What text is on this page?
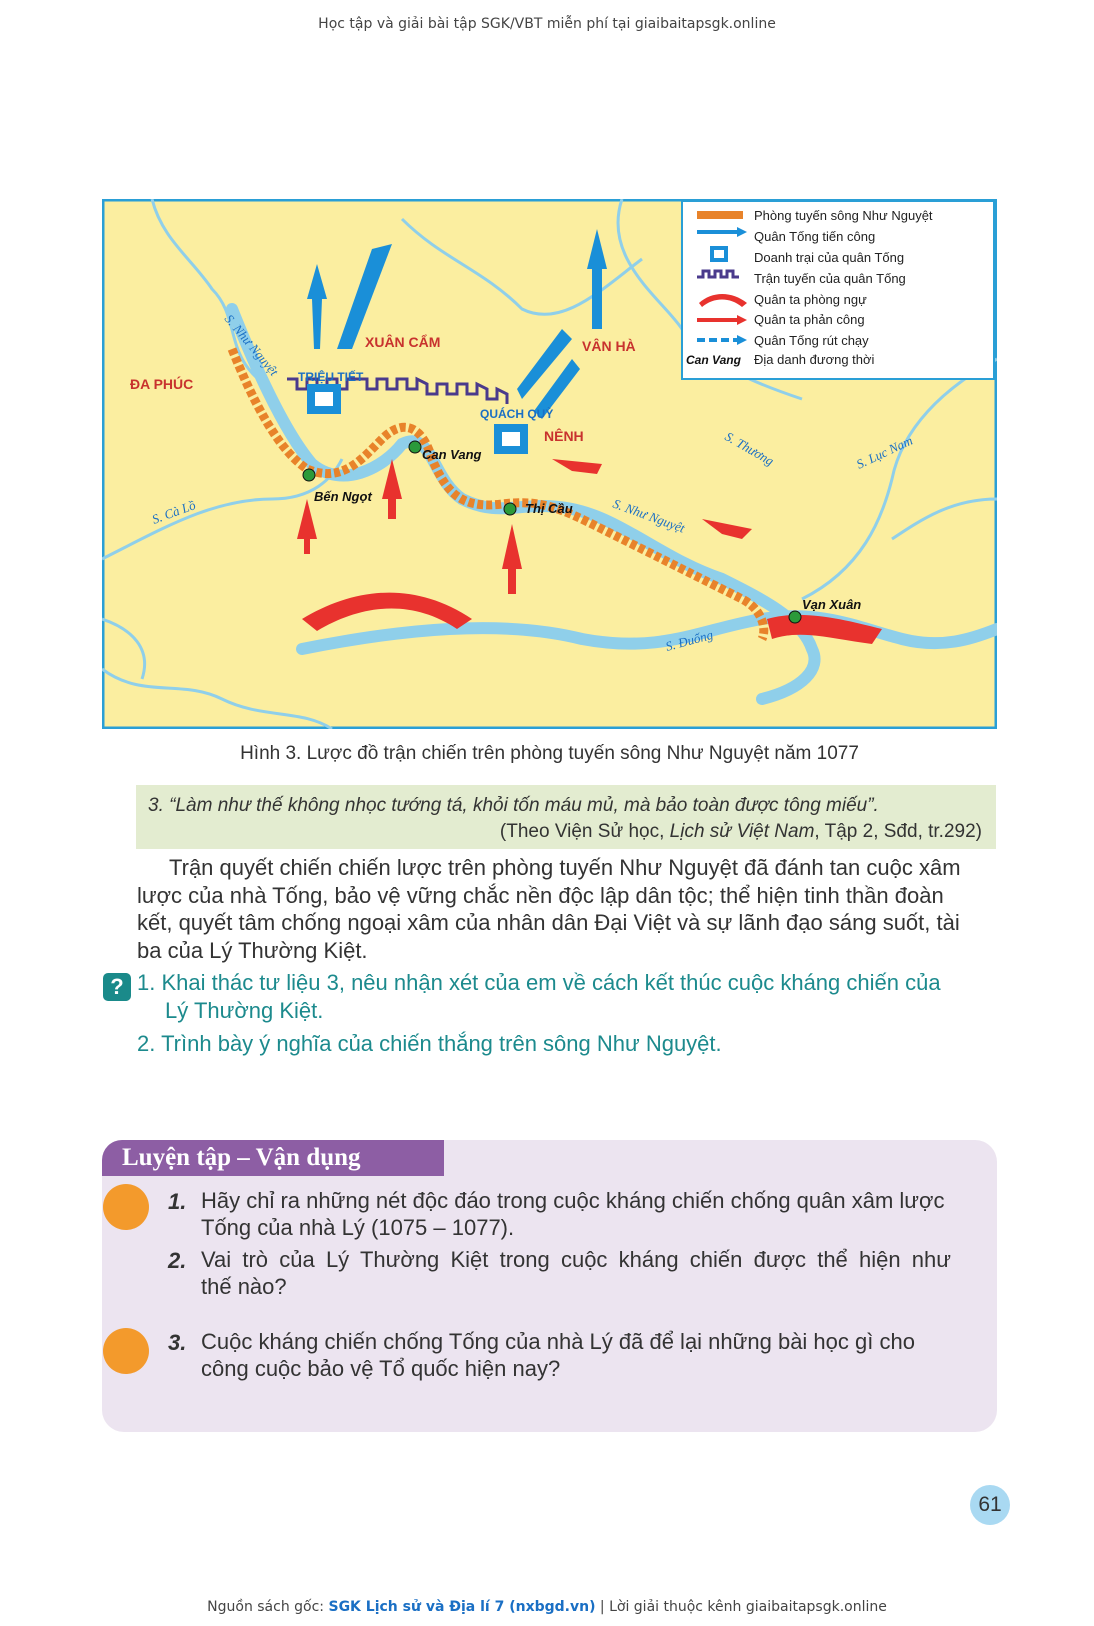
Học tập và giải bài tập SGK/VBT miễn phí tại giaibaitapsgk.online
ĐA PHÚC
XUÂN CẨM	VÂN HÀ
NÊNH
TRIỆU TIẾT
QUÁCH QUỲ
Bến Ngọt
Can Vang
Thị Cầu
Vạn Xuân
S. Như Nguyệt
S. Như Nguyệt
S. Cà Lồ
S. Thương	S. Lục Nam
S. Đuống
Can Vang
Phòng tuyến sông Như Nguyệt
Quân Tống tiến công
Doanh trại của quân Tống
Trận tuyến của quân Tống
Quân ta phòng ngự
Quân ta phản công
Quân Tống rút chạy
Địa danh đương thời
Hình 3. Lược đồ trận chiến trên phòng tuyến sông Như Nguyệt năm 1077
3. “Làm như thế không nhọc tướng tá, khỏi tốn máu mủ, mà bảo toàn được tông miếu”.
(Theo Viện Sử học, Lịch sử Việt Nam, Tập 2, Sđd, tr.292)
Trận quyết chiến chiến lược trên phòng tuyến Như Nguyệt đã đánh tan cuộc xâm
lược của nhà Tống, bảo vệ vững chắc nền độc lập dân tộc; thể hiện tinh thần đoàn
kết, quyết tâm chống ngoại xâm của nhân dân Đại Việt và sự lãnh đạo sáng suốt, tài
ba của Lý Thường Kiệt.
? 1. Khai thác tư liệu 3, nêu nhận xét của em về cách kết thúc cuộc kháng chiến của
Lý Thường Kiệt.
2. Trình bày ý nghĩa của chiến thắng trên sông Như Nguyệt.
Luyện tập – Vận dụng
1. Hãy chỉ ra những nét độc đáo trong cuộc kháng chiến chống quân xâm lược
Tống của nhà Lý (1075 – 1077).
2. Vai trò của Lý Thường Kiệt trong cuộc kháng chiến được thể hiện như
thế nào?
3. Cuộc kháng chiến chống Tống của nhà Lý đã để lại những bài học gì cho
công cuộc bảo vệ Tổ quốc hiện nay?
61
Nguồn sách gốc: SGK Lịch sử và Địa lí 7 (nxbgd.vn) | Lời giải thuộc kênh giaibaitapsgk.online
